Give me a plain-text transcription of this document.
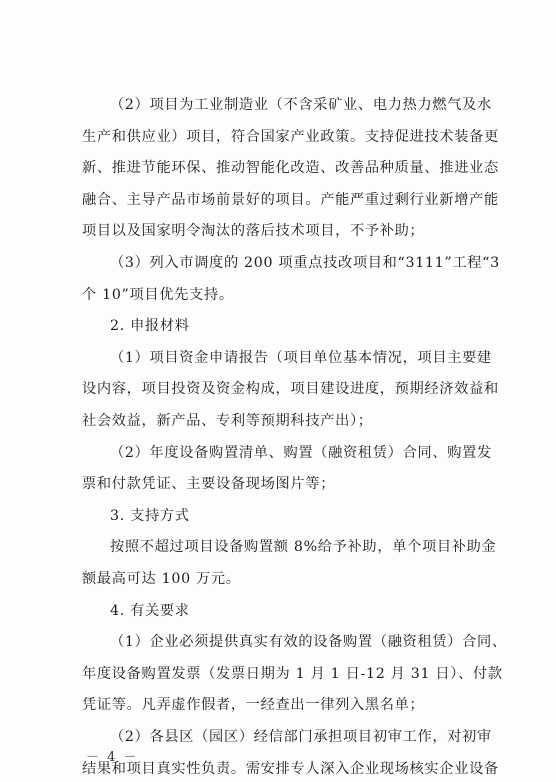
－ 4 －
（2）项目为工业制造业（不含采矿业、电力热力燃气及水
生产和供应业）项目，符合国家产业政策。支持促进技术装备更
新、推进节能环保、推动智能化改造、改善品种质量、推进业态
融合、主导产品市场前景好的项目。产能严重过剩行业新增产能
项目以及国家明令淘汰的落后技术项目，不予补助；
（3）列入市调度的 200 项重点技改项目和“3111”工程“3
个 10”项目优先支持。
2. 申报材料
（1）项目资金申请报告（项目单位基本情况，项目主要建
设内容，项目投资及资金构成，项目建设进度，预期经济效益和
社会效益，新产品、专利等预期科技产出）；
（2）年度设备购置清单、购置（融资租赁）合同、购置发
票和付款凭证、主要设备现场图片等；
3. 支持方式
按照不超过项目设备购置额 8%给予补助，单个项目补助金
额最高可达 100 万元。
4. 有关要求
（1）企业必须提供真实有效的设备购置（融资租赁）合同、
年度设备购置发票（发票日期为 1 月 1 日-12 月 31 日）、付款
凭证等。凡弄虚作假者，一经查出一律列入黑名单；
（2）各县区（园区）经信部门承担项目初审工作，对初审
结果和项目真实性负责。需安排专人深入企业现场核实企业设备
